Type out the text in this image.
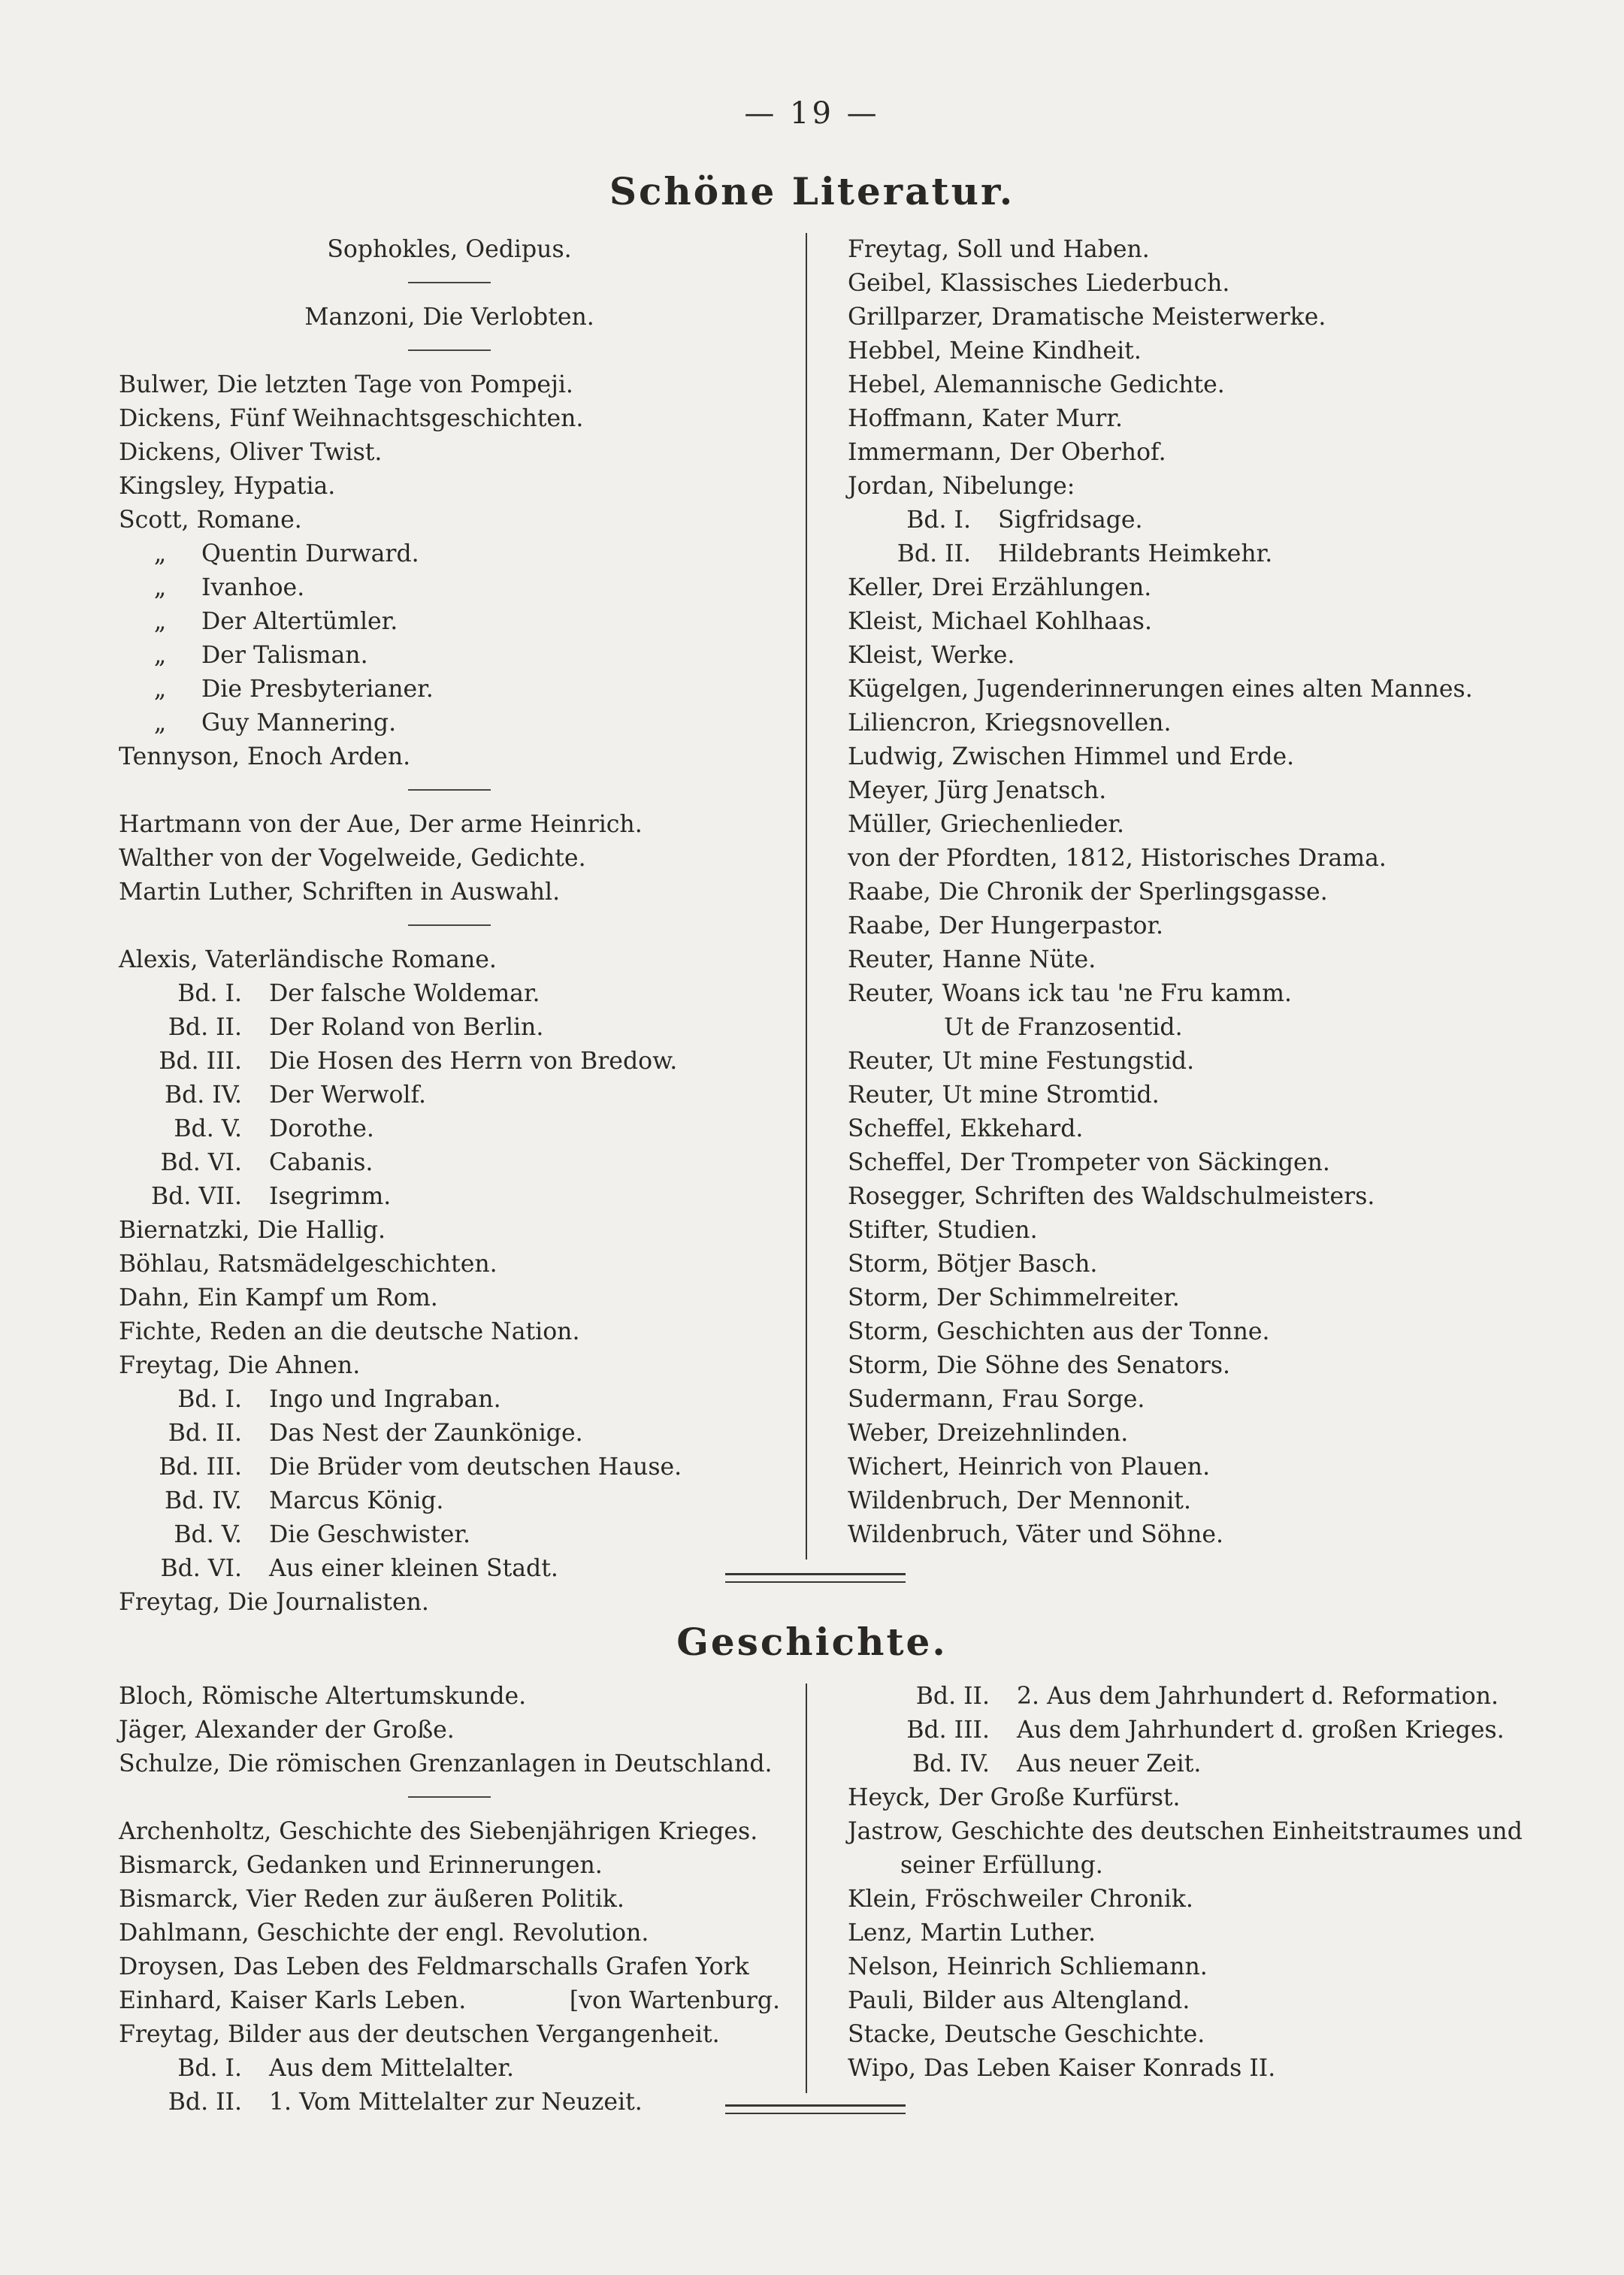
— 19 —
Schöne Literatur.
Sophokles, Oedipus.
Manzoni, Die Verlobten.
Bulwer, Die letzten Tage von Pompeji.
Dickens, Fünf Weihnachtsgeschichten.
Dickens, Oliver Twist.
Kingsley, Hypatia.
Scott, Romane.
„	Quentin Durward.
„	Ivanhoe.
„	Der Altertümler.
„	Der Talisman.
„	Die Presbyterianer.
„	Guy Mannering.
Tennyson, Enoch Arden.
Hartmann von der Aue, Der arme Heinrich.
Walther von der Vogelweide, Gedichte.
Martin Luther, Schriften in Auswahl.
Alexis, Vaterländische Romane.
Bd. I.	Der falsche Woldemar.
Bd. II.	Der Roland von Berlin.
Bd. III.	Die Hosen des Herrn von Bredow.
Bd. IV.	Der Werwolf.
Bd. V.	Dorothe.
Bd. VI.	Cabanis.
Bd. VII.	Isegrimm.
Biernatzki, Die Hallig.
Böhlau, Ratsmädelgeschichten.
Dahn, Ein Kampf um Rom.
Fichte, Reden an die deutsche Nation.
Freytag, Die Ahnen.
Bd. I.	Ingo und Ingraban.
Bd. II.	Das Nest der Zaunkönige.
Bd. III.	Die Brüder vom deutschen Hause.
Bd. IV.	Marcus König.
Bd. V.	Die Geschwister.
Bd. VI.	Aus einer kleinen Stadt.
Freytag, Die Journalisten.
Freytag, Soll und Haben.
Geibel, Klassisches Liederbuch.
Grillparzer, Dramatische Meisterwerke.
Hebbel, Meine Kindheit.
Hebel, Alemannische Gedichte.
Hoffmann, Kater Murr.
Immermann, Der Oberhof.
Jordan, Nibelunge:
Bd. I.	Sigfridsage.
Bd. II.	Hildebrants Heimkehr.
Keller, Drei Erzählungen.
Kleist, Michael Kohlhaas.
Kleist, Werke.
Kügelgen, Jugenderinnerungen eines alten Mannes.
Liliencron, Kriegsnovellen.
Ludwig, Zwischen Himmel und Erde.
Meyer, Jürg Jenatsch.
Müller, Griechenlieder.
von der Pfordten, 1812, Historisches Drama.
Raabe, Die Chronik der Sperlingsgasse.
Raabe, Der Hungerpastor.
Reuter, Hanne Nüte.
Reuter, Woans ick tau 'ne Fru kamm.
Ut de Franzosentid.
Reuter, Ut mine Festungstid.
Reuter, Ut mine Stromtid.
Scheffel, Ekkehard.
Scheffel, Der Trompeter von Säckingen.
Rosegger, Schriften des Waldschulmeisters.
Stifter, Studien.
Storm, Bötjer Basch.
Storm, Der Schimmelreiter.
Storm, Geschichten aus der Tonne.
Storm, Die Söhne des Senators.
Sudermann, Frau Sorge.
Weber, Dreizehnlinden.
Wichert, Heinrich von Plauen.
Wildenbruch, Der Mennonit.
Wildenbruch, Väter und Söhne.
Geschichte.
Bloch, Römische Altertumskunde.
Jäger, Alexander der Große.
Schulze, Die römischen Grenzanlagen in Deutschland.
Archenholtz, Geschichte des Siebenjährigen Krieges.
Bismarck, Gedanken und Erinnerungen.
Bismarck, Vier Reden zur äußeren Politik.
Dahlmann, Geschichte der engl. Revolution.
Droysen, Das Leben des Feldmarschalls Grafen York
Einhard, Kaiser Karls Leben.	[von Wartenburg.
Freytag, Bilder aus der deutschen Vergangenheit.
Bd. I.	Aus dem Mittelalter.
Bd. II.	1. Vom Mittelalter zur Neuzeit.
Bd. II.	2. Aus dem Jahrhundert d. Reformation.
Bd. III.	Aus dem Jahrhundert d. großen Krieges.
Bd. IV.	Aus neuer Zeit.
Heyck, Der Große Kurfürst.
Jastrow, Geschichte des deutschen Einheitstraumes und
seiner Erfüllung.
Klein, Fröschweiler Chronik.
Lenz, Martin Luther.
Nelson, Heinrich Schliemann.
Pauli, Bilder aus Altengland.
Stacke, Deutsche Geschichte.
Wipo, Das Leben Kaiser Konrads II.
